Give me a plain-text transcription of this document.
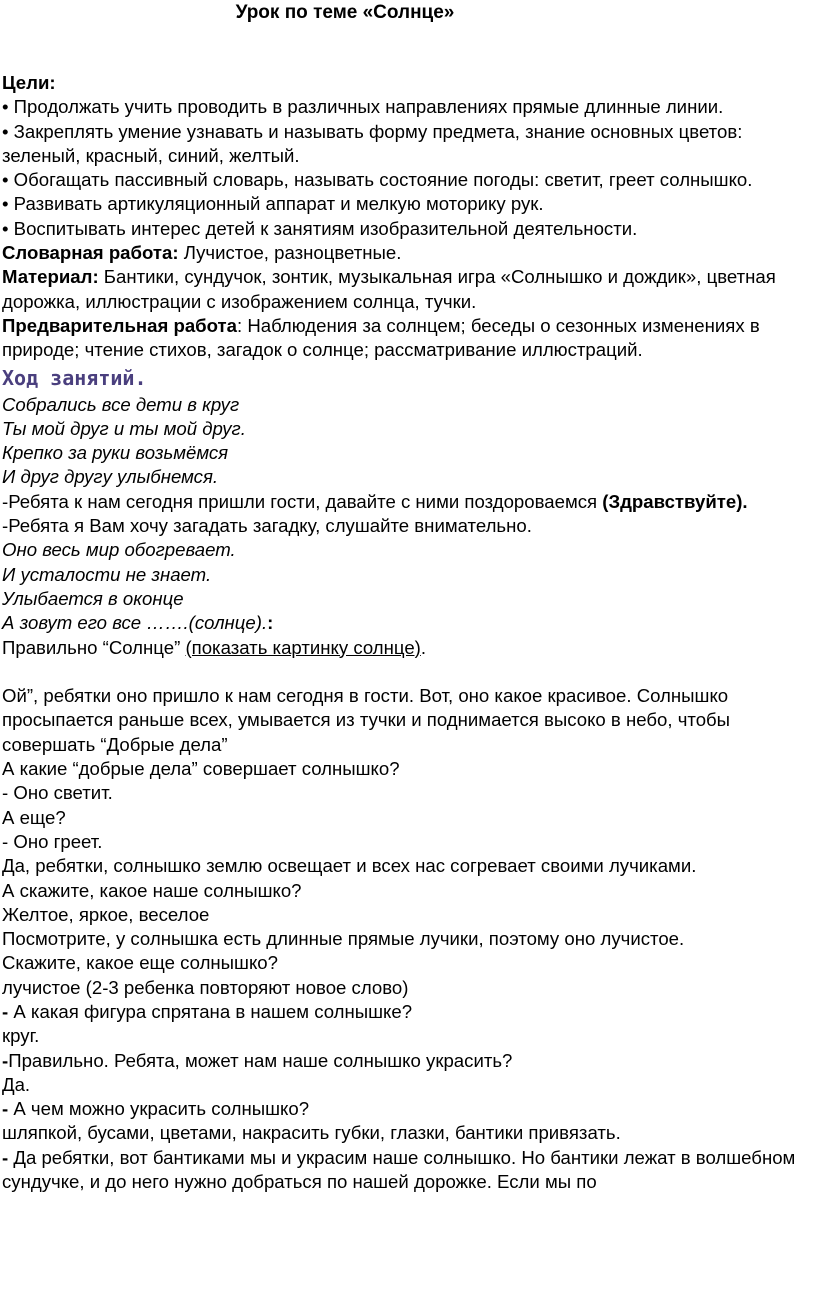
Урок по теме «Солнце»

Цели:

• Продолжать учить проводить в различных направлениях прямые длинные линии.

• Закреплять умение узнавать и называть форму предмета, знание основных цветов: зеленый, красный, синий, желтый.

• Обогащать пассивный словарь, называть состояние погоды: светит, греет солнышко.

• Развивать артикуляционный аппарат и мелкую моторику рук.

• Воспитывать интерес детей к занятиям изобразительной деятельности.

Словарная работа: Лучистое, разноцветные.

Материал: Бантики, сундучок, зонтик, музыкальная игра «Солнышко и дождик», цветная дорожка, иллюстрации с изображением солнца, тучки.

Предварительная работа: Наблюдения за солнцем; беседы о сезонных изменениях в природе; чтение стихов, загадок о солнце; рассматривание иллюстраций.

Ход занятий.

Собрались все дети в круг

Ты мой друг и ты мой друг.

Крепко за руки возьмёмся

И друг другу улыбнемся.

-Ребята к нам сегодня пришли гости, давайте с ними поздороваемся (Здравствуйте).

-Ребята я Вам хочу загадать загадку, слушайте внимательно.

Оно весь мир обогревает.

И усталости не знает.

Улыбается в оконце

А зовут его все …….(солнце).:

Правильно “Солнце” (показать картинку солнце).

Ой”, ребятки оно пришло к нам сегодня в гости. Вот, оно какое красивое. Солнышко просыпается раньше всех, умывается из тучки и поднимается высоко в небо, чтобы совершать “Добрые дела”

А какие “добрые дела” совершает солнышко?

- Оно светит.

А еще?

- Оно греет.

Да, ребятки, солнышко землю освещает и всех нас согревает своими лучиками.

А скажите, какое наше солнышко?

Желтое, яркое, веселое

Посмотрите, у солнышка есть длинные прямые лучики, поэтому оно лучистое.

Скажите, какое еще солнышко?

лучистое (2-3 ребенка повторяют новое слово)

- А какая фигура спрятана в нашем солнышке?

круг.

-Правильно. Ребята, может нам наше солнышко украсить?

Да.

- А чем можно украсить солнышко?

шляпкой, бусами, цветами, накрасить губки, глазки, бантики привязать.

- Да ребятки, вот бантиками мы и украсим наше солнышко. Но бантики лежат в волшебном сундучке, и до него нужно добраться по нашей дорожке. Если мы по
